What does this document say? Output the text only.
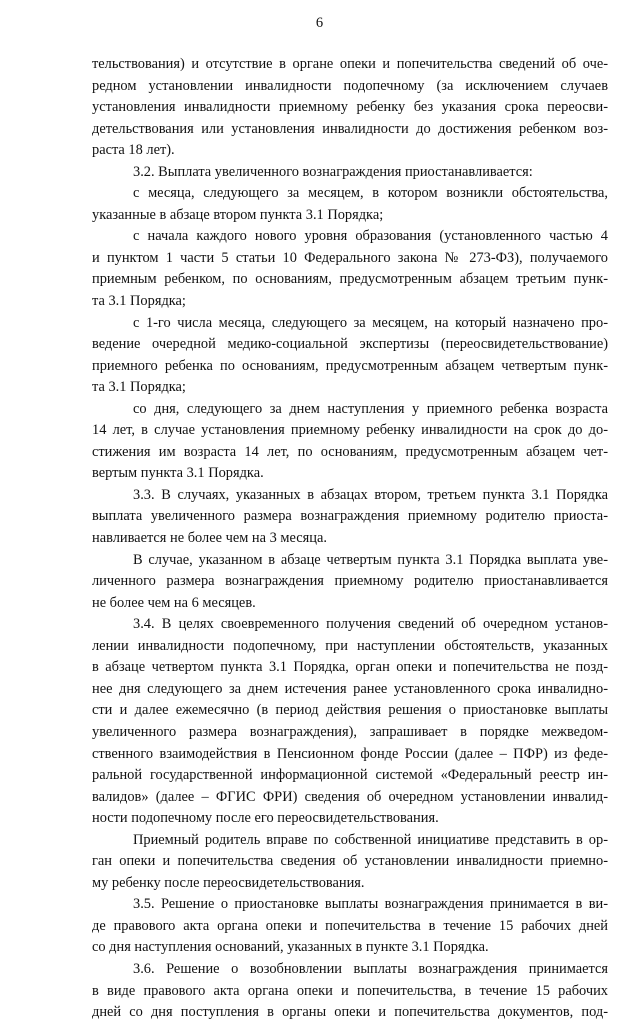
6
тельствования) и отсутствие в органе опеки и попечительства сведений об оче-
редном установлении инвалидности подопечному (за исключением случаев
установления инвалидности приемному ребенку без указания срока переосви-
детельствования или установления инвалидности до достижения ребенком воз-
раста 18 лет).
3.2. Выплата увеличенного вознаграждения приостанавливается:
с месяца, следующего за месяцем, в котором возникли обстоятельства,
указанные в абзаце втором пункта 3.1 Порядка;
с начала каждого нового уровня образования (установленного частью 4
и пунктом 1 части 5 статьи 10 Федерального закона № 273-ФЗ), получаемого
приемным ребенком, по основаниям, предусмотренным абзацем третьим пунк-
та 3.1 Порядка;
с 1-го числа месяца, следующего за месяцем, на который назначено про-
ведение очередной медико-социальной экспертизы (переосвидетельствование)
приемного ребенка по основаниям, предусмотренным абзацем четвертым пунк-
та 3.1 Порядка;
со дня, следующего за днем наступления у приемного ребенка возраста
14 лет, в случае установления приемному ребенку инвалидности на срок до до-
стижения им возраста 14 лет, по основаниям, предусмотренным абзацем чет-
вертым пункта 3.1 Порядка.
3.3. В случаях, указанных в абзацах втором, третьем пункта 3.1 Порядка
выплата увеличенного размера вознаграждения приемному родителю приоста-
навливается не более чем на 3 месяца.
В случае, указанном в абзаце четвертым пункта 3.1 Порядка выплата уве-
личенного размера вознаграждения приемному родителю приостанавливается
не более чем на 6 месяцев.
3.4. В целях своевременного получения сведений об очередном установ-
лении инвалидности подопечному, при наступлении обстоятельств, указанных
в абзаце четвертом пункта 3.1 Порядка, орган опеки и попечительства не позд-
нее дня следующего за днем истечения ранее установленного срока инвалидно-
сти и далее ежемесячно (в период действия решения о приостановке выплаты
увеличенного размера вознаграждения), запрашивает в порядке межведом-
ственного взаимодействия в Пенсионном фонде России (далее – ПФР) из феде-
ральной государственной информационной системой «Федеральный реестр ин-
валидов» (далее – ФГИС ФРИ) сведения об очередном установлении инвалид-
ности подопечному после его переосвидетельствования.
Приемный родитель вправе по собственной инициативе представить в ор-
ган опеки и попечительства сведения об установлении инвалидности приемно-
му ребенку после переосвидетельствования.
3.5. Решение о приостановке выплаты вознаграждения принимается в ви-
де правового акта органа опеки и попечительства в течение 15 рабочих дней
со дня наступления оснований, указанных в пункте 3.1 Порядка.
3.6. Решение о возобновлении выплаты вознаграждения принимается
в виде правового акта органа опеки и попечительства, в течение 15 рабочих
дней со дня поступления в органы опеки и попечительства документов, под-
